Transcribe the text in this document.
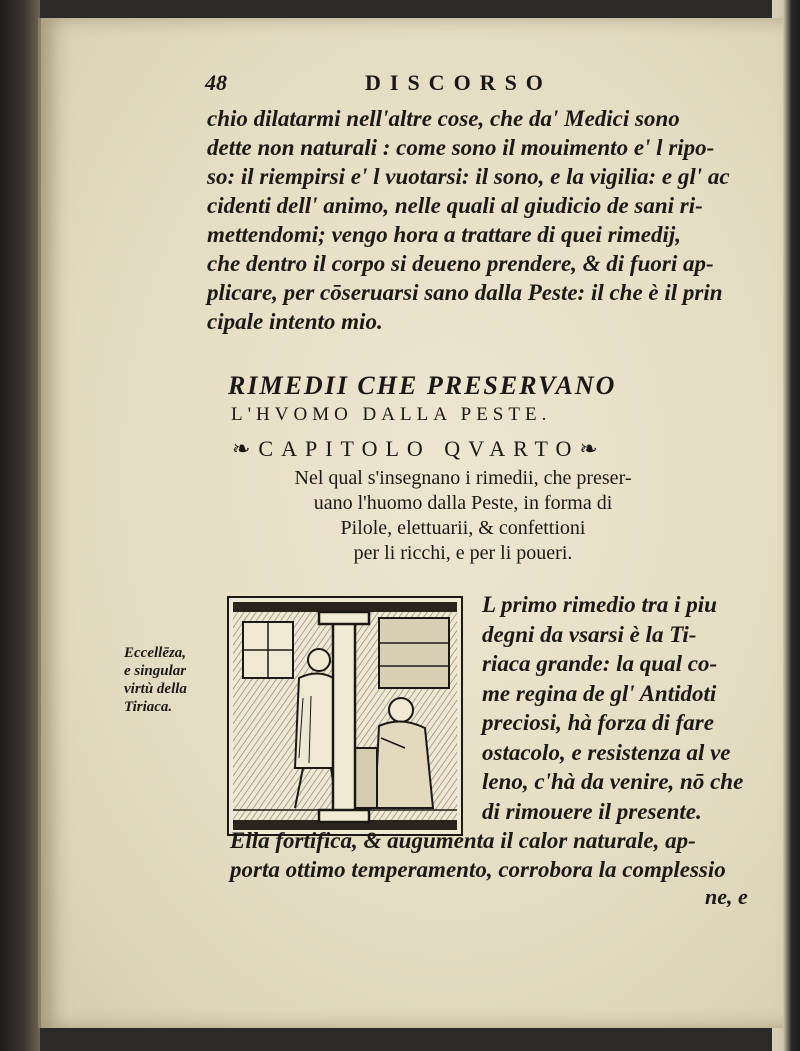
48	DISCORSO
chio dilatarmi nell'altre cose, che da' Medici sono
dette non naturali : come sono il mouimento e' l ripo-
so: il riempirsi e' l vuotarsi: il sono, e la vigilia: e gl' ac
cidenti dell' animo, nelle quali al giudicio de sani ri-
mettendomi; vengo hora a trattare di quei rimedij,
che dentro il corpo si deueno prendere, & di fuori ap-
plicare, per cōseruarsi sano dalla Peste: il che è il prin
cipale intento mio.
RIMEDII CHE PRESERVANO
L'HVOMO DALLA PESTE.
❧CAPITOLO QVARTO❧
Nel qual s'insegnano i rimedii, che preser-
uano l'huomo dalla Peste, in forma di
Pilole, elettuarii, & confettioni
per li ricchi, e per li poueri.
L primo rimedio tra i piu
degni da vsarsi è la Ti-
riaca grande: la qual co-
me regina de gl' Antidoti
preciosi, hà forza di fare
ostacolo, e resistenza al ve
leno, c'hà da venire, nō che
di rimouere il presente.
Ella fortifica, & augumenta il calor naturale, ap-
porta ottimo temperamento, corrobora la complessio
ne, e
Eccellēza,
e singular
virtù della
Tiriaca.
